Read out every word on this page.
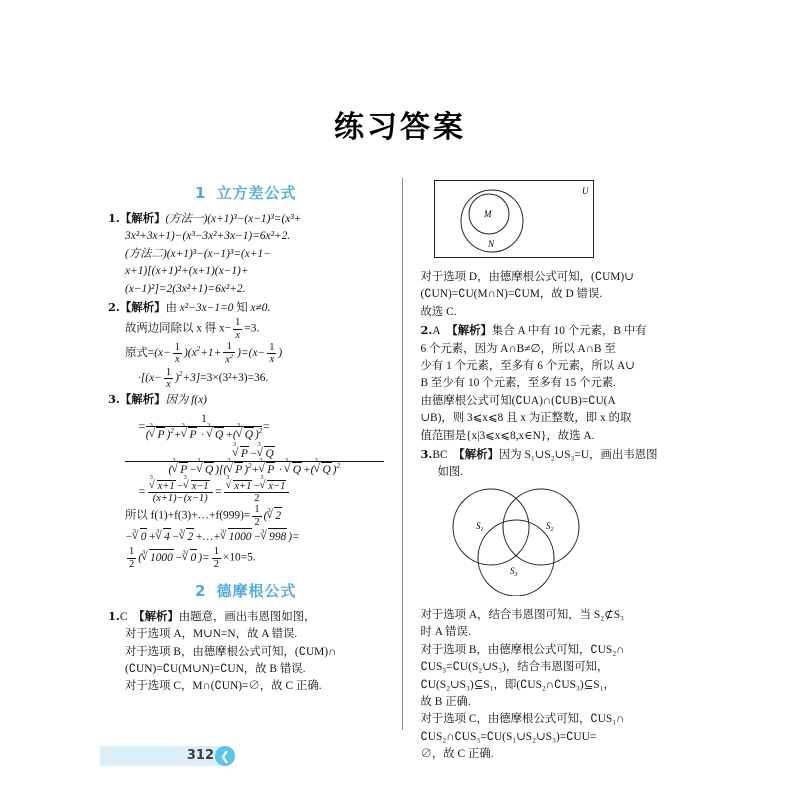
练习答案
1 立方差公式
1.【解析】(方法一)(x+1)³−(x−1)³=(x³+
3x²+3x+1)−(x³−3x²+3x−1)=6x²+2.
(方法二)(x+1)³−(x−1)³=(x+1−
x+1)[(x+1)²+(x+1)(x−1)+
(x−1)²]=2(3x²+1)=6x²+2.
2.【解析】由 x²−3x−1=0 知 x≠0.
故两边同除以 x 得 $x- \frac{1}{x} =3$.
原式$=(x- \frac{1}{x} )(x^2+1+ \frac{1}{x^2} )=(x- \frac{1}{x}$ )
$\cdot[(x- \frac{1}{x} )^2+3]=3\times(3^2+3)=36$.
3.【解析】因为 f(x)
= 1
(
√ 3
P )$^2$+
√ 3
P ·
√ 3
Q +(
√ 3
Q )$^2$ =
√ 3
P −
√ 3
Q
(
√ 3
P −
√ 3
Q )[(
√ 3
P )$^2$+
√ 3
P ·
√ 3
Q +(
√ 3
Q )$^2$
= √ 3
x+1 −
√ 3
x−1
(x+1)−(x−1) = √ 3
x+1 −
√ 3
x−1
2
所以 f(1)+f(3)+…+f(999)= $\frac{1}{2}$ ( √ 3 2
− √ 3 0 + √ 3 4 − √ 3 2 +…+ √ 3 1000 − √ 3 998 )=
$\frac{1}{2}$ ( √ 3 1000 − √ 3 0 )= $\frac{1}{2} \times 10=5$.
2 德摩根公式
1.C 【解析】由题意，画出韦恩图如图，
对于选项 A，M∪N=N，故 A 错误.
对于选项 B，由德摩根公式可知，(∁UM)∩
(∁UN)=∁U(M∪N)=∁UN，故 B 错误.
对于选项 C，M∩(∁UN)=∅，故 C 正确.
U
M
N
对于选项 D，由德摩根公式可知，(∁UM)∪
(∁UN)=∁U(M∩N)=∁UM，故 D 错误.
故选 C.
2.A 【解析】集合 A 中有 10 个元素，B 中有
6 个元素，因为 A∩B≠∅，所以 A∩B 至
少有 1 个元素，至多有 6 个元素，所以 A∪
B 至少有 10 个元素，至多有 15 个元素.
由德摩根公式可知(∁UA)∩(∁UB)=∁U(A
∪B)，则 3⩽x⩽8 且 x 为正整数，即 x 的取
值范围是{x|3⩽x⩽8,x∈N}，故选 A.
3.BC 【解析】因为 S₁∪S₂∪S₃=U，画出韦恩图
如图.
$S_1$	$S_2$
$S_3$
对于选项 A，结合韦恩图可知，当 S₂⊄S₃
时 A 错误.
对于选项 B，由德摩根公式可知，∁US₂∩
∁US₃=∁U(S₂∪S₃)，结合韦恩图可知，
∁U(S₂∪S₃)⊆S₁，即(∁US₂∩∁US₃)⊆S₁，
故 B 正确.
对于选项 C，由德摩根公式可知，∁US₁∩
∁US₂∩∁US₃=∁U(S₁∪S₂∪S₃)=∁UU=
∅，故 C 正确.
312 ❮
